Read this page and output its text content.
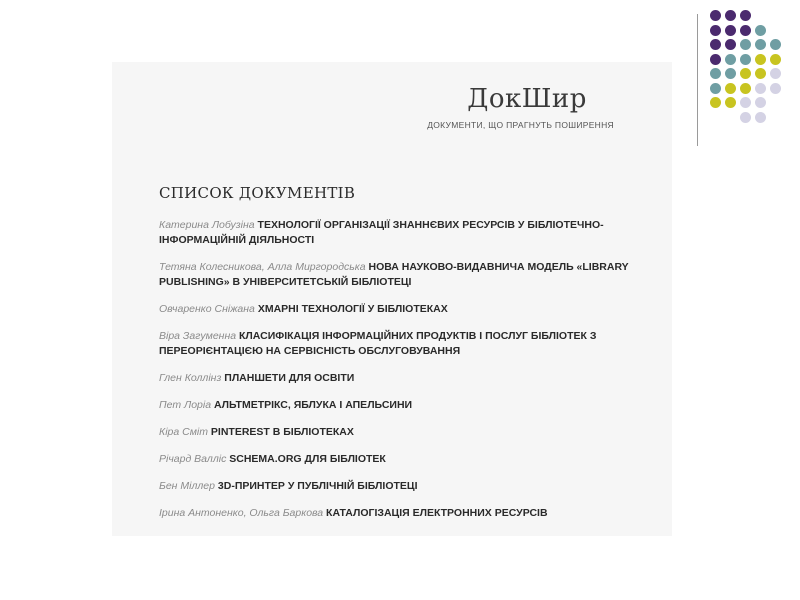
ДокШир
ДОКУМЕНТИ, ЩО ПРАГНУТЬ ПОШИРЕННЯ
СПИСОК ДОКУМЕНТІВ
Катерина Лобузіна ТЕХНОЛОГІЇ ОРГАНІЗАЦІЇ ЗНАННЄВИХ РЕСУРСІВ У БІБЛІОТЕЧНО-ІНФОРМАЦІЙНІЙ ДІЯЛЬНОСТІ
Тетяна Колесникова, Алла Миргородська НОВА НАУКОВО-ВИДАВНИЧА МОДЕЛЬ «LIBRARY PUBLISHING» В УНІВЕРСИТЕТСЬКІЙ БІБЛІОТЕЦІ
Овчаренко Сніжана ХМАРНІ ТЕХНОЛОГІЇ У БІБЛІОТЕКАХ
Віра Загуменна КЛАСИФІКАЦІЯ ІНФОРМАЦІЙНИХ ПРОДУКТІВ І ПОСЛУГ БІБЛІОТЕК З ПЕРЕОРІЄНТАЦІЄЮ НА СЕРВІСНІСТЬ ОБСЛУГОВУВАННЯ
Глен Коллінз ПЛАНШЕТИ ДЛЯ ОСВІТИ
Пет Лоріа АЛЬТМЕТРІКС, ЯБЛУКА І АПЕЛЬСИНИ
Кіра Сміт PINTEREST В БІБЛІОТЕКАХ
Річард Валліс SCHEMA.ORG ДЛЯ БІБЛІОТЕК
Бен Міллер 3D-ПРИНТЕР У ПУБЛІЧНІЙ БІБЛІОТЕЦІ
Ірина Антоненко, Ольга Баркова КАТАЛОГІЗАЦІЯ ЕЛЕКТРОННИХ РЕСУРСІВ
